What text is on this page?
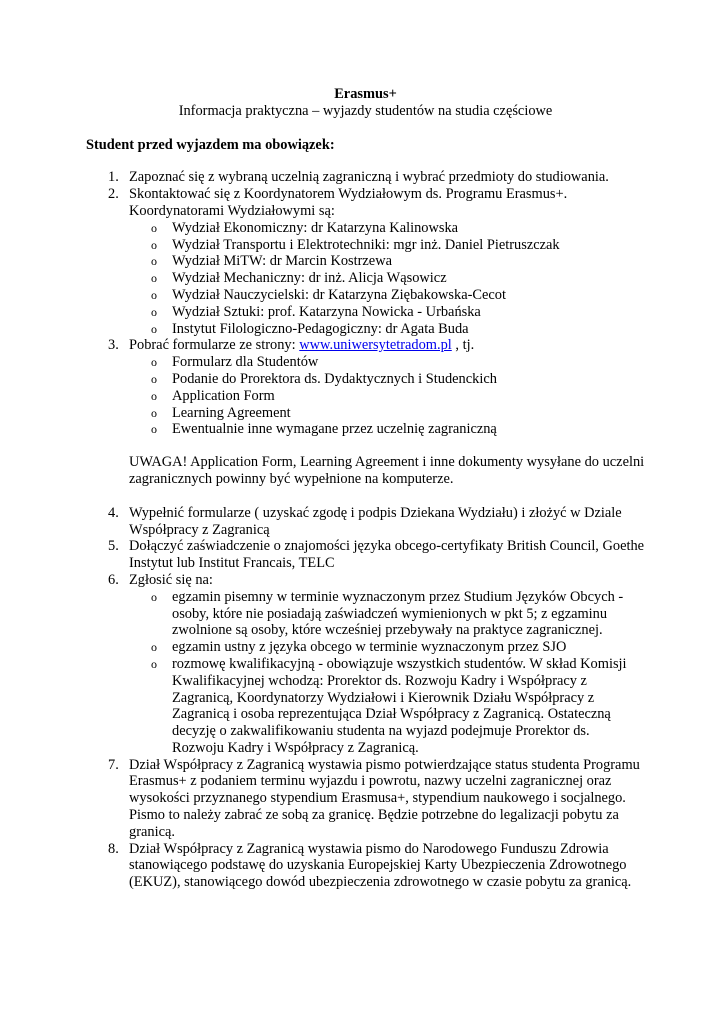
Erasmus+
Informacja praktyczna – wyjazdy studentów na studia częściowe
Student przed wyjazdem ma obowiązek:
Zapoznać się z wybraną uczelnią zagraniczną i wybrać przedmioty do studiowania.
Skontaktować się z Koordynatorem Wydziałowym ds. Programu Erasmus+. Koordynatorami Wydziałowymi są:
o Wydział Ekonomiczny: dr Katarzyna Kalinowska
o Wydział Transportu i Elektrotechniki: mgr inż. Daniel Pietruszczak
o Wydział MiTW: dr Marcin Kostrzewa
o Wydział Mechaniczny: dr inż. Alicja Wąsowicz
o Wydział Nauczycielski: dr Katarzyna Ziębakowska-Cecot
o Wydział Sztuki: prof. Katarzyna Nowicka - Urbańska
o Instytut Filologiczno-Pedagogiczny: dr Agata Buda
Pobrać formularze ze strony: www.uniwersytetradom.pl , tj.
o Formularz dla Studentów
o Podanie do Prorektora ds. Dydaktycznych i Studenckich
o Application Form
o Learning Agreement
o Ewentualnie inne wymagane przez uczelnię zagraniczną
UWAGA! Application Form, Learning Agreement i inne dokumenty wysyłane do uczelni zagranicznych powinny być wypełnione na komputerze.
Wypełnić formularze ( uzyskać zgodę i podpis Dziekana Wydziału) i złożyć w Dziale Współpracy z Zagranicą
Dołączyć zaświadczenie o znajomości języka obcego-certyfikaty British Council, Goethe Instytut lub Institut Francais, TELC
Zgłosić się na:
o egzamin pisemny w terminie wyznaczonym przez Studium Języków Obcych - osoby, które nie posiadają zaświadczeń wymienionych w pkt 5; z egzaminu zwolnione są osoby, które wcześniej przebywały na praktyce zagranicznej.
o egzamin ustny z języka obcego w terminie wyznaczonym przez SJO
o rozmowę kwalifikacyjną - obowiązuje wszystkich studentów. W skład Komisji Kwalifikacyjnej wchodzą: Prorektor ds. Rozwoju Kadry i Współpracy z Zagranicą, Koordynatorzy Wydziałowi i Kierownik Działu Współpracy z Zagranicą i osoba reprezentująca Dział Współpracy z Zagranicą. Ostateczną decyzję o zakwalifikowaniu studenta na wyjazd podejmuje Prorektor ds. Rozwoju Kadry i Współpracy z Zagranicą.
Dział Współpracy z Zagranicą wystawia pismo potwierdzające status studenta Programu Erasmus+ z podaniem terminu wyjazdu i powrotu, nazwy uczelni zagranicznej oraz wysokości przyznanego stypendium Erasmusa+, stypendium naukowego i socjalnego. Pismo to należy zabrać ze sobą za granicę. Będzie potrzebne do legalizacji pobytu za granicą.
Dział Współpracy z Zagranicą wystawia pismo do Narodowego Funduszu Zdrowia stanowiącego podstawę do uzyskania Europejskiej Karty Ubezpieczenia Zdrowotnego (EKUZ), stanowiącego dowód ubezpieczenia zdrowotnego w czasie pobytu za granicą.
